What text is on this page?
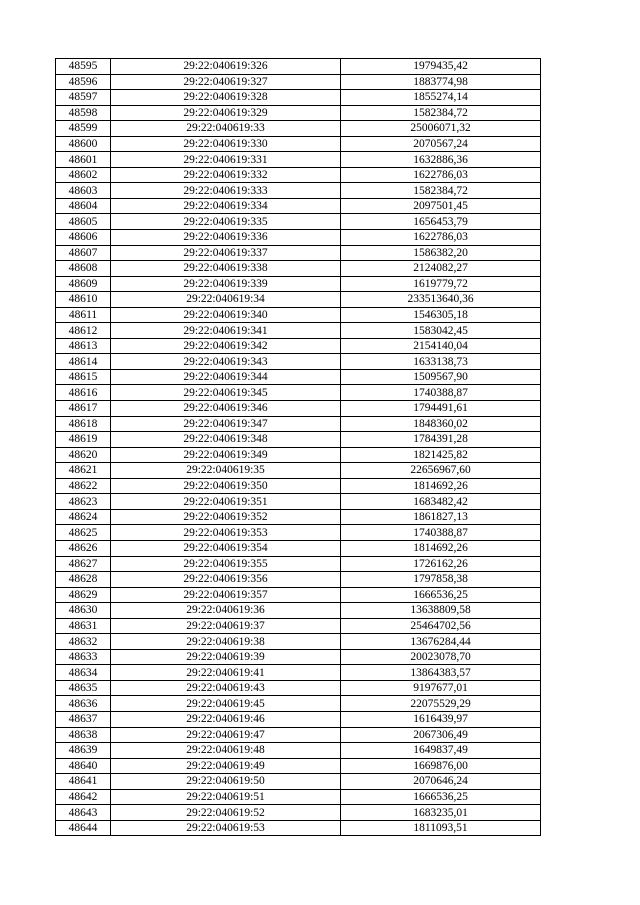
48595	29:22:040619:326	1979435,42
48596	29:22:040619:327	1883774,98
48597	29:22:040619:328	1855274,14
48598	29:22:040619:329	1582384,72
48599	29:22:040619:33	25006071,32
48600	29:22:040619:330	2070567,24
48601	29:22:040619:331	1632886,36
48602	29:22:040619:332	1622786,03
48603	29:22:040619:333	1582384,72
48604	29:22:040619:334	2097501,45
48605	29:22:040619:335	1656453,79
48606	29:22:040619:336	1622786,03
48607	29:22:040619:337	1586382,20
48608	29:22:040619:338	2124082,27
48609	29:22:040619:339	1619779,72
48610	29:22:040619:34	233513640,36
48611	29:22:040619:340	1546305,18
48612	29:22:040619:341	1583042,45
48613	29:22:040619:342	2154140,04
48614	29:22:040619:343	1633138,73
48615	29:22:040619:344	1509567,90
48616	29:22:040619:345	1740388,87
48617	29:22:040619:346	1794491,61
48618	29:22:040619:347	1848360,02
48619	29:22:040619:348	1784391,28
48620	29:22:040619:349	1821425,82
48621	29:22:040619:35	22656967,60
48622	29:22:040619:350	1814692,26
48623	29:22:040619:351	1683482,42
48624	29:22:040619:352	1861827,13
48625	29:22:040619:353	1740388,87
48626	29:22:040619:354	1814692,26
48627	29:22:040619:355	1726162,26
48628	29:22:040619:356	1797858,38
48629	29:22:040619:357	1666536,25
48630	29:22:040619:36	13638809,58
48631	29:22:040619:37	25464702,56
48632	29:22:040619:38	13676284,44
48633	29:22:040619:39	20023078,70
48634	29:22:040619:41	13864383,57
48635	29:22:040619:43	9197677,01
48636	29:22:040619:45	22075529,29
48637	29:22:040619:46	1616439,97
48638	29:22:040619:47	2067306,49
48639	29:22:040619:48	1649837,49
48640	29:22:040619:49	1669876,00
48641	29:22:040619:50	2070646,24
48642	29:22:040619:51	1666536,25
48643	29:22:040619:52	1683235,01
48644	29:22:040619:53	1811093,51
